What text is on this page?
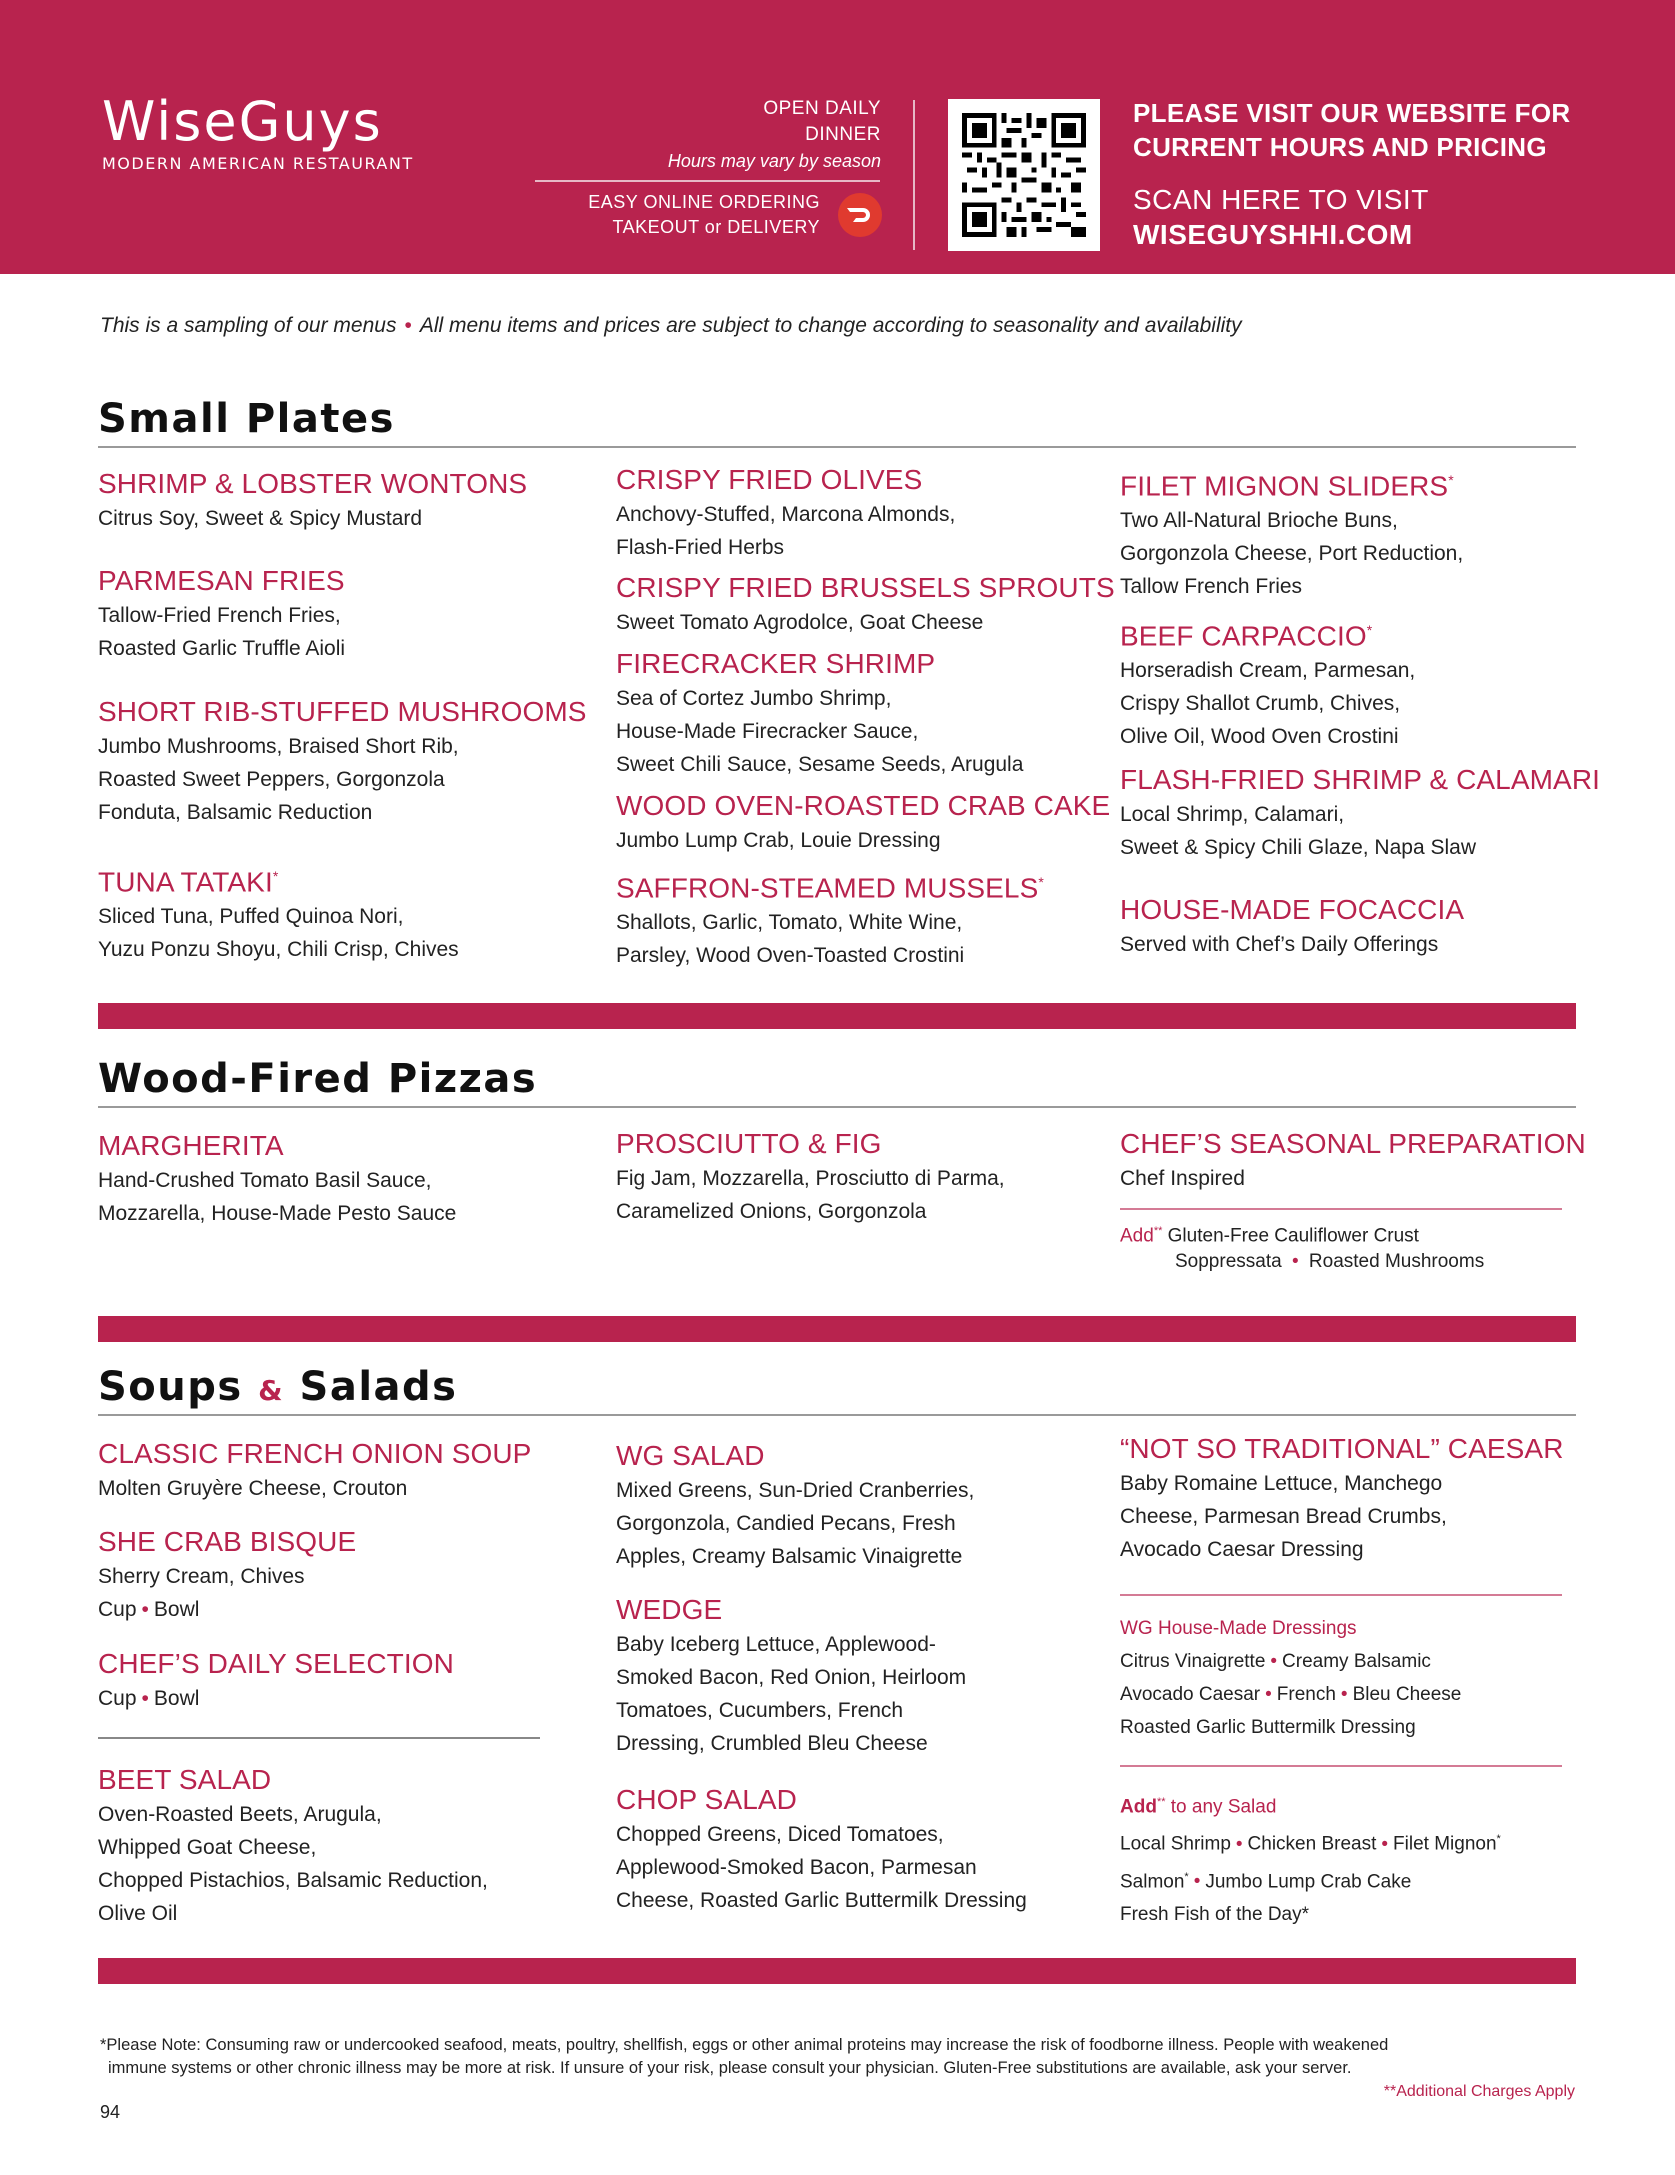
WiseGuys
MODERN AMERICAN RESTAURANT
OPEN DAILY
DINNER
Hours may vary by season
EASY ONLINE ORDERING
TAKEOUT or DELIVERY
PLEASE VISIT OUR WEBSITE FOR
CURRENT HOURS AND PRICING
SCAN HERE TO VISIT
WISEGUYSHHI.COM
This is a sampling of our menus • All menu items and prices are subject to change according to seasonality and availability
Small Plates
SHRIMP & LOBSTER WONTONS
Citrus Soy, Sweet & Spicy Mustard
PARMESAN FRIES
Tallow-Fried French Fries,
Roasted Garlic Truffle Aioli
SHORT RIB-STUFFED MUSHROOMS
Jumbo Mushrooms, Braised Short Rib,
Roasted Sweet Peppers, Gorgonzola
Fonduta, Balsamic Reduction
TUNA TATAKI*
Sliced Tuna, Puffed Quinoa Nori,
Yuzu Ponzu Shoyu, Chili Crisp, Chives
CRISPY FRIED OLIVES
Anchovy-Stuffed, Marcona Almonds,
Flash-Fried Herbs
CRISPY FRIED BRUSSELS SPROUTS
Sweet Tomato Agrodolce, Goat Cheese
FIRECRACKER SHRIMP
Sea of Cortez Jumbo Shrimp,
House-Made Firecracker Sauce,
Sweet Chili Sauce, Sesame Seeds, Arugula
WOOD OVEN-ROASTED CRAB CAKE
Jumbo Lump Crab, Louie Dressing
SAFFRON-STEAMED MUSSELS*
Shallots, Garlic, Tomato, White Wine,
Parsley, Wood Oven-Toasted Crostini
FILET MIGNON SLIDERS*
Two All-Natural Brioche Buns,
Gorgonzola Cheese, Port Reduction,
Tallow French Fries
BEEF CARPACCIO*
Horseradish Cream, Parmesan,
Crispy Shallot Crumb, Chives,
Olive Oil, Wood Oven Crostini
FLASH-FRIED SHRIMP & CALAMARI
Local Shrimp, Calamari,
Sweet & Spicy Chili Glaze, Napa Slaw
HOUSE-MADE FOCACCIA
Served with Chef’s Daily Offerings
Wood-Fired Pizzas
MARGHERITA
Hand-Crushed Tomato Basil Sauce,
Mozzarella, House-Made Pesto Sauce
PROSCIUTTO & FIG
Fig Jam, Mozzarella, Prosciutto di Parma,
Caramelized Onions, Gorgonzola
CHEF’S SEASONAL PREPARATION
Chef Inspired
Add** Gluten-Free Cauliflower Crust
Soppressata • Roasted Mushrooms
Soups & Salads
CLASSIC FRENCH ONION SOUP
Molten Gruyère Cheese, Crouton
SHE CRAB BISQUE
Sherry Cream, Chives
Cup • Bowl
CHEF’S DAILY SELECTION
Cup • Bowl
BEET SALAD
Oven-Roasted Beets, Arugula,
Whipped Goat Cheese,
Chopped Pistachios, Balsamic Reduction,
Olive Oil
WG SALAD
Mixed Greens, Sun-Dried Cranberries,
Gorgonzola, Candied Pecans, Fresh
Apples, Creamy Balsamic Vinaigrette
WEDGE
Baby Iceberg Lettuce, Applewood-
Smoked Bacon, Red Onion, Heirloom
Tomatoes, Cucumbers, French
Dressing, Crumbled Bleu Cheese
CHOP SALAD
Chopped Greens, Diced Tomatoes,
Applewood-Smoked Bacon, Parmesan
Cheese, Roasted Garlic Buttermilk Dressing
“NOT SO TRADITIONAL” CAESAR
Baby Romaine Lettuce, Manchego
Cheese, Parmesan Bread Crumbs,
Avocado Caesar Dressing
WG House-Made Dressings
Citrus Vinaigrette • Creamy Balsamic
Avocado Caesar • French • Bleu Cheese
Roasted Garlic Buttermilk Dressing
Add** to any Salad
Local Shrimp • Chicken Breast • Filet Mignon*
Salmon* • Jumbo Lump Crab Cake
Fresh Fish of the Day*
*Please Note: Consuming raw or undercooked seafood, meats, poultry, shellfish, eggs or other animal proteins may increase the risk of foodborne illness. People with weakened
immune systems or other chronic illness may be more at risk. If unsure of your risk, please consult your physician. Gluten-Free substitutions are available, ask your server.
**Additional Charges Apply
94
